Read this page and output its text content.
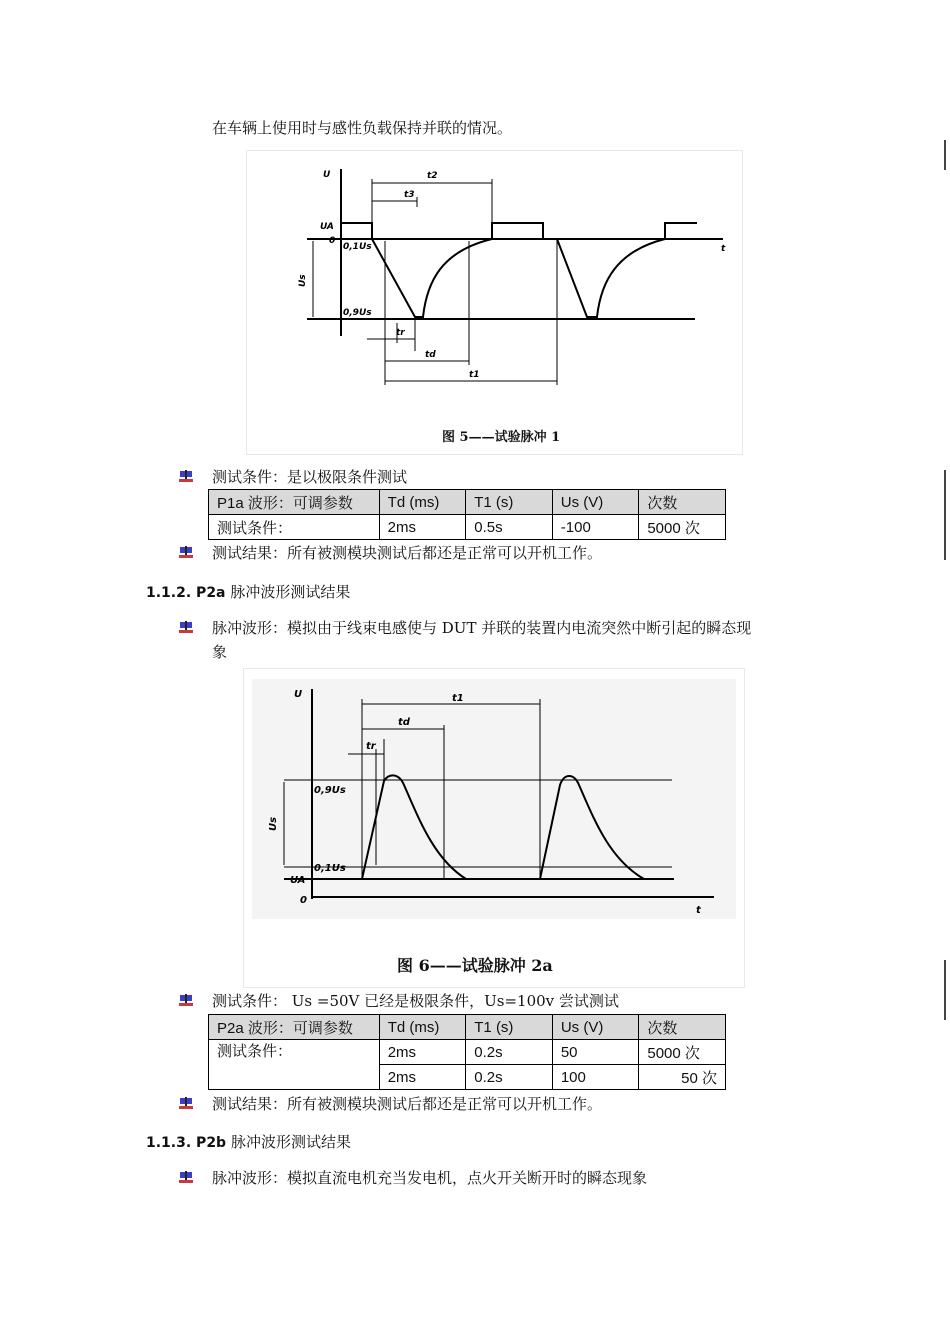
在车辆上使用时与感性负载保持并联的情况。
U
t
UA
0
Us
0,1Us
0,9Us
t2
t3
tr
td
t1
图 5——试验脉冲 1
测试条件：是以极限条件测试
P1a 波形：可调参数	Td (ms)	T1 (s)	Us (V)	次数
测试条件：	2ms	0.5s	-100	5000 次
测试结果：所有被测模块测试后都还是正常可以开机工作。
1.1.2. P2a 脉冲波形测试结果
脉冲波形：模拟由于线束电感使与 DUT 并联的装置内电流突然中断引起的瞬态现
象
U
t
t1
td
tr
0,9Us
0,1Us
Us
UA
0
图 6——试验脉冲 2a
测试条件： Us =50V 已经是极限条件，Us=100v 尝试测试
P2a 波形：可调参数	Td (ms)	T1 (s)	Us (V)	次数
测试条件：	2ms	0.2s	50	5000 次
	2ms	0.2s	100	50 次
测试结果：所有被测模块测试后都还是正常可以开机工作。
1.1.3. P2b 脉冲波形测试结果
脉冲波形：模拟直流电机充当发电机，点火开关断开时的瞬态现象
